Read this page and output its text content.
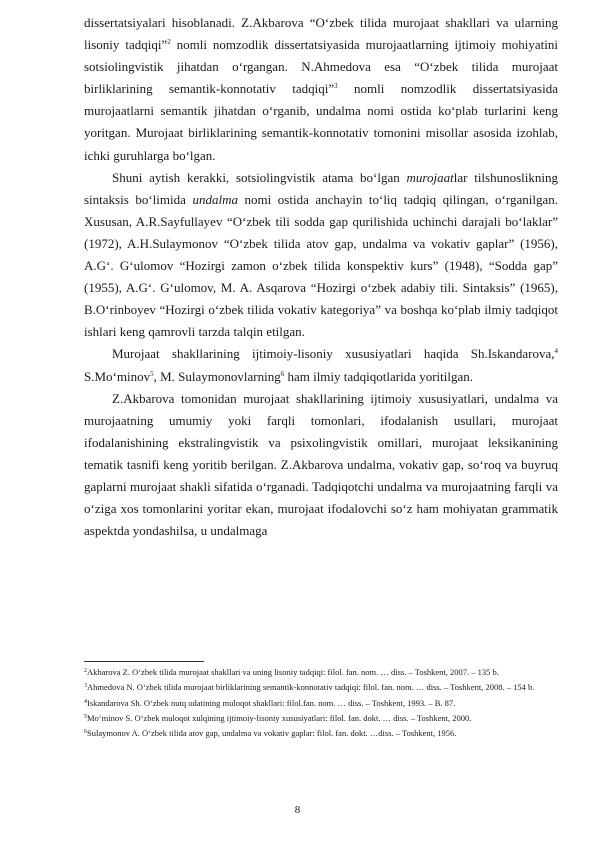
dissertatsiyalari hisoblanadi. Z.Akbarova “O‘zbek tilida murojaat shakllari va ularning lisoniy tadqiqi”$^2$ nomli nomzodlik dissertatsiyasida murojaatlarning ijtimoiy mohiyatini sotsiolingvistik jihatdan o‘rgangan. N.Ahmedova esa “O‘zbek tilida murojaat birliklarining semantik-konnotativ tadqiqi”$^3$ nomli nomzodlik dissertatsiyasida murojaatlarni semantik jihatdan o‘rganib, undalma nomi ostida ko‘plab turlarini keng yoritgan. Murojaat birliklarining semantik-konnotativ tomonini misollar asosida izohlab, ichki guruhlarga bo‘lgan.

Shuni aytish kerakki, sotsiolingvistik atama bo‘lgan murojaatlar tilshunoslikning sintaksis bo‘limida undalma nomi ostida anchayin to‘liq tadqiq qilingan, o‘rganilgan. Xususan, A.R.Sayfullayev “O‘zbek tili sodda gap qurilishida uchinchi darajali bo‘laklar” (1972), A.H.Sulaymonov “O‘zbek tilida atov gap, undalma va vokativ gaplar” (1956), A.G‘. G‘ulomov “Hozirgi zamon o‘zbek tilida konspektiv kurs” (1948), “Sodda gap” (1955), A.G‘. G‘ulomov, M. A. Asqarova “Hozirgi o‘zbek adabiy tili. Sintaksis” (1965), B.O‘rinboyev “Hozirgi o‘zbek tilida vokativ kategoriya” va boshqa ko‘plab ilmiy tadqiqot ishlari keng qamrovli tarzda talqin etilgan.

Murojaat shakllarining ijtimoiy-lisoniy xususiyatlari haqida Sh.Iskandarova,$^4$ S.Mo‘minov$^5$, M. Sulaymonovlarning$^6$ ham ilmiy tadqiqotlarida yoritilgan.

Z.Akbarova tomonidan murojaat shakllarining ijtimoiy xususiyatlari, undalma va murojaatning umumiy yoki farqli tomonlari, ifodalanish usullari, murojaat ifodalanishining ekstralingvistik va psixolingvistik omillari, murojaat leksikanining tematik tasnifi keng yoritib berilgan. Z.Akbarova undalma, vokativ gap, so‘roq va buyruq gaplarni murojaat shakli sifatida o‘rganadi. Tadqiqotchi undalma va murojaatning farqli va o‘ziga xos tomonlarini yoritar ekan, murojaat ifodalovchi so‘z ham mohiyatan grammatik aspektda yondashilsa, u undalmaga

$^2$Akbarova Z. O‘zbek tilida murojaat shakllari va uning lisoniy tadqiqi: filol. fan. nom. … diss. – Toshkent, 2007. – 135 b.

$^3$Ahmedova N. O‘zbek tilida murojaat birliklarining semantik-konnotativ tadqiqi: filol. fan. nom. … diss. – Toshkent, 2008. – 154 b.

$^4$Iskandarova Sh. O‘zbek nutq odatining muloqot shakllari: filol.fan. nom. … diss. – Toshkent, 1993. – B. 87.

$^5$Mo‘minov S. O‘zbek muloqot xulqining ijtimoiy-lisoniy xususiyatlari: filol. fan. dokt. … diss. – Toshkent, 2000.

$^6$Sulaymonov A. O‘zbek tilida atov gap, undalma va vokativ gaplar: filol. fan. dokt. …diss. – Toshkent, 1956.

8
